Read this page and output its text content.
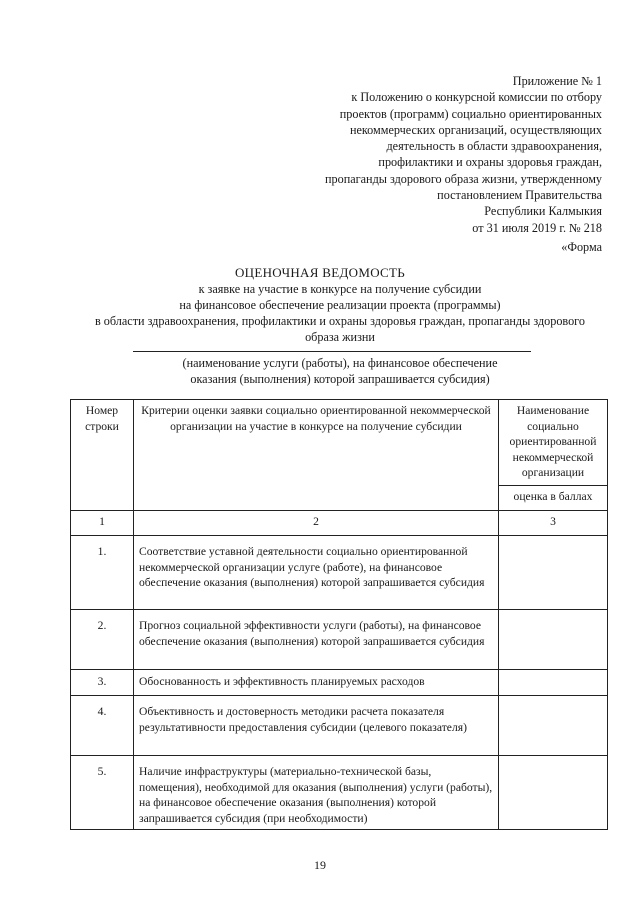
Приложение № 1
к Положению о конкурсной комиссии по отбору
проектов (программ) социально ориентированных
некоммерческих организаций, осуществляющих
деятельность в области здравоохранения,
профилактики и охраны здоровья граждан,
пропаганды здорового образа жизни, утвержденному
постановлением Правительства
Республики Калмыкия
от 31 июля 2019 г. № 218
«Форма
ОЦЕНОЧНАЯ ВЕДОМОСТЬ
к заявке на участие в конкурсе на получение субсидии
на финансовое обеспечение реализации проекта (программы)
в области здравоохранения, профилактики и охраны здоровья граждан, пропаганды здорового
образа жизни
(наименование услуги (работы), на финансовое обеспечение
оказания (выполнения) которой запрашивается субсидия)
Номер строки	Критерии оценки заявки социально ориентированной некоммерческой организации на участие в конкурсе на получение субсидии	Наименование социально ориентированной некоммерческой организации
		оценка в баллах
1	2	3
1.	Соответствие уставной деятельности социально ориентированной некоммерческой организации услуге (работе), на финансовое обеспечение оказания (выполнения) которой запрашивается субсидия	
2.	Прогноз социальной эффективности услуги (работы), на финансовое обеспечение оказания (выполнения) которой запрашивается субсидия	
3.	Обоснованность и эффективность планируемых расходов	
4.	Объективность и достоверность методики расчета показателя результативности предоставления субсидии (целевого показателя)	
5.	Наличие инфраструктуры (материально-технической базы, помещения), необходимой для оказания (выполнения) услуги (работы), на финансовое обеспечение оказания (выполнения) которой запрашивается субсидия (при необходимости)	
19
